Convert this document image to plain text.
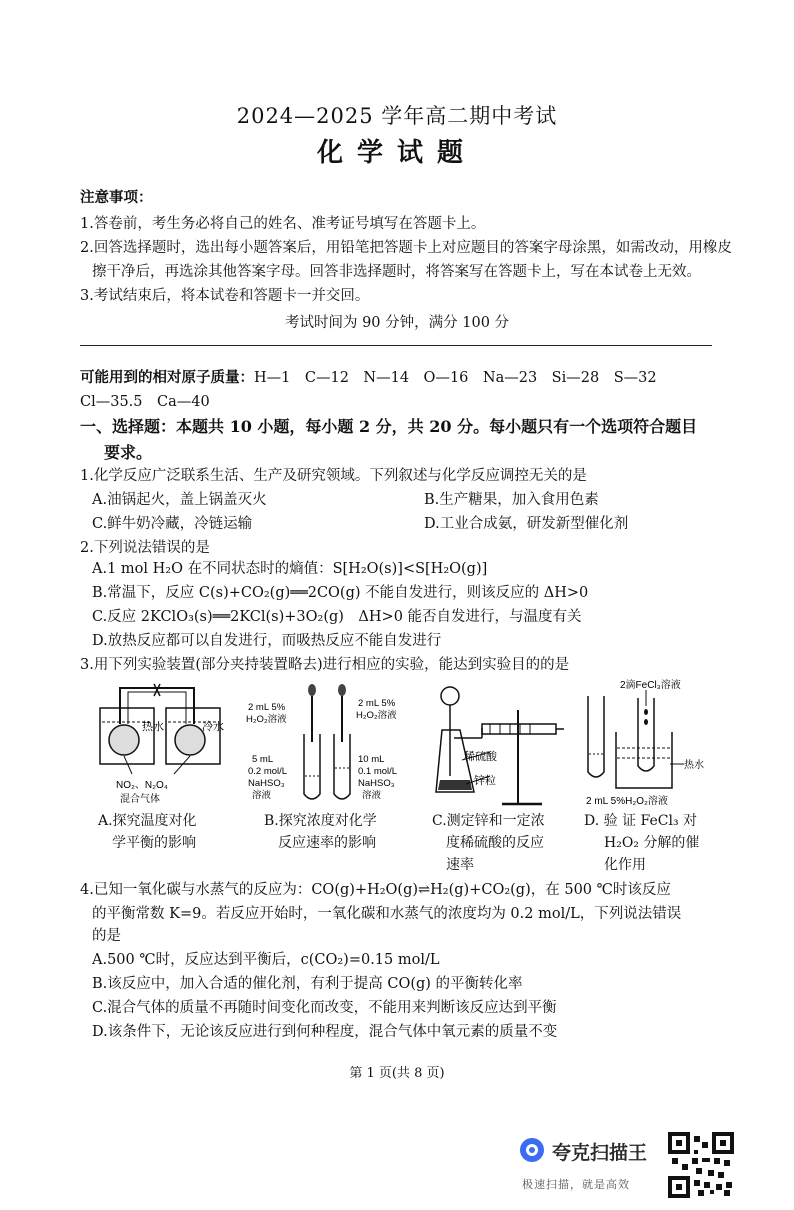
2024—2025 学年高二期中考试
化学试题
注意事项：
1.答卷前，考生务必将自己的姓名、准考证号填写在答题卡上。
2.回答选择题时，选出每小题答案后，用铅笔把答题卡上对应题目的答案字母涂黑，如需改动，用橡皮
擦干净后，再选涂其他答案字母。回答非选择题时，将答案写在答题卡上，写在本试卷上无效。
3.考试结束后，将本试卷和答题卡一并交回。
考试时间为 90 分钟，满分 100 分
可能用到的相对原子质量：H—1　C—12　N—14　O—16　Na—23　Si—28　S—32
Cl—35.5　Ca—40
一、选择题：本题共 10 小题，每小题 2 分，共 20 分。每小题只有一个选项符合题目
要求。
1.化学反应广泛联系生活、生产及研究领域。下列叙述与化学反应调控无关的是
A.油锅起火，盖上锅盖灭火	B.生产糖果，加入食用色素
C.鲜牛奶冷藏，冷链运输	D.工业合成氨，研发新型催化剂
2.下列说法错误的是
A.1 mol H₂O 在不同状态时的熵值：S[H₂O(s)]<S[H₂O(g)]
B.常温下，反应 C(s)+CO₂(g)══2CO(g) 不能自发进行，则该反应的 ΔH>0
C.反应 2KClO₃(s)══2KCl(s)+3O₂(g)　ΔH>0 能否自发进行，与温度有关
D.放热反应都可以自发进行，而吸热反应不能自发进行
3.用下列实验装置(部分夹持装置略去)进行相应的实验，能达到实验目的的是
热水	冷水
NO₂、N₂O₄
混合气体
2 mL 5%
H₂O₂溶液
2 mL 5%
H₂O₂溶液
5 mL
0.2 mol/L
NaHSO₃
溶液
10 mL
0.1 mol/L
NaHSO₃
溶液
稀硫酸
锌粒
2滴FeCl₃溶液
热水
2 mL 5%H₂O₂溶液
A.探究温度对化
学平衡的影响
B.探究浓度对化学
反应速率的影响
C.测定锌和一定浓
度稀硫酸的反应
速率
D. 验 证 FeCl₃ 对
H₂O₂ 分解的催
化作用
4.已知一氧化碳与水蒸气的反应为：CO(g)+H₂O(g)⇌H₂(g)+CO₂(g)，在 500 ℃时该反应
的平衡常数 K=9。若反应开始时，一氧化碳和水蒸气的浓度均为 0.2 mol/L，下列说法错误
的是
A.500 ℃时，反应达到平衡后，c(CO₂)=0.15 mol/L
B.该反应中，加入合适的催化剂，有利于提高 CO(g) 的平衡转化率
C.混合气体的质量不再随时间变化而改变，不能用来判断该反应达到平衡
D.该条件下，无论该反应进行到何种程度，混合气体中氧元素的质量不变
第 1 页(共 8 页)
夸克扫描王
极速扫描，就是高效
